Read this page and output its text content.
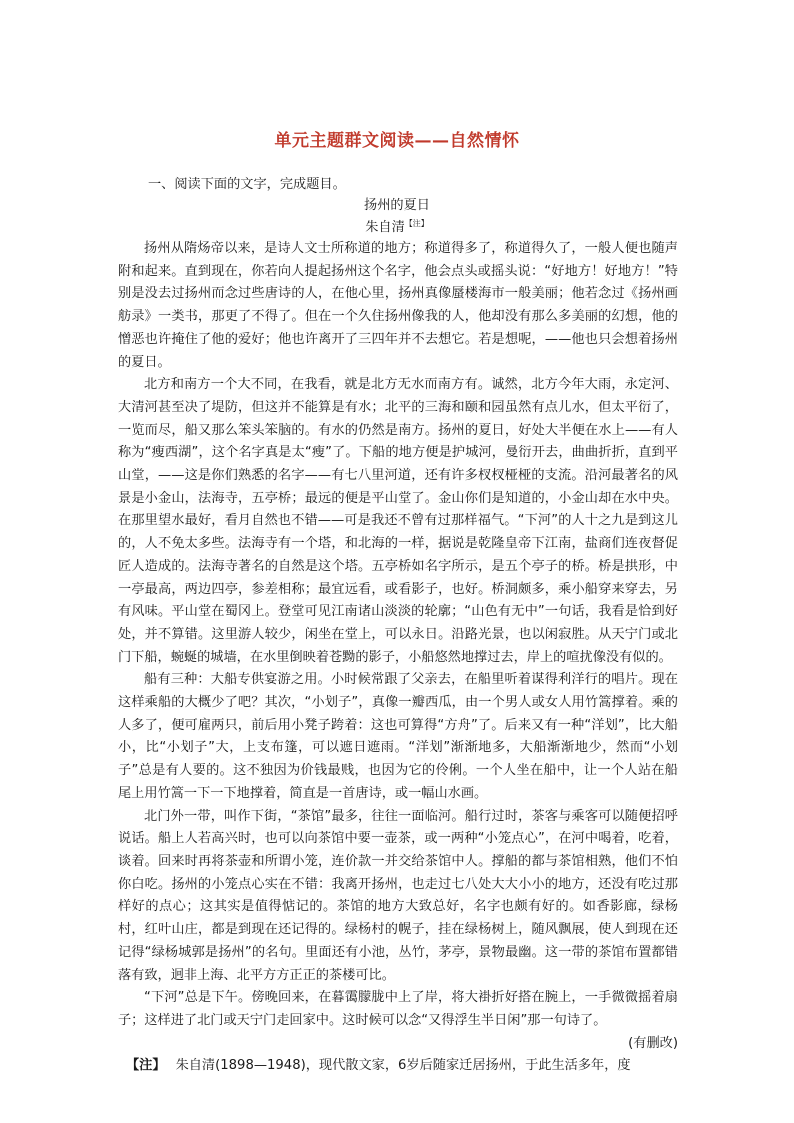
单元主题群文阅读——自然情怀
一、阅读下面的文字，完成题目。
扬州的夏日
朱自清$^{【注】}$

扬州从隋炀帝以来，是诗人文士所称道的地方；称道得多了，称道得久了，一般人便也随声附和起来。直到现在，你若向人提起扬州这个名字，他会点头或摇头说：“好地方！好地方！”特别是没去过扬州而念过些唐诗的人，在他心里，扬州真像蜃楼海市一般美丽；他若念过《扬州画舫录》一类书，那更了不得了。但在一个久住扬州像我的人，他却没有那么多美丽的幻想，他的憎恶也许掩住了他的爱好；他也许离开了三四年并不去想它。若是想呢，——他也只会想着扬州的夏日。

北方和南方一个大不同，在我看，就是北方无水而南方有。诚然，北方今年大雨，永定河、大清河甚至决了堤防，但这并不能算是有水；北平的三海和颐和园虽然有点儿水，但太平衍了，一览而尽，船又那么笨头笨脑的。有水的仍然是南方。扬州的夏日，好处大半便在水上——有人称为“瘦西湖”，这个名字真是太“瘦”了。下船的地方便是护城河，曼衍开去，曲曲折折，直到平山堂，——这是你们熟悉的名字——有七八里河道，还有许多杈杈桠桠的支流。沿河最著名的风景是小金山，法海寺，五亭桥；最远的便是平山堂了。金山你们是知道的，小金山却在水中央。在那里望水最好，看月自然也不错——可是我还不曾有过那样福气。“下河”的人十之九是到这儿的，人不免太多些。法海寺有一个塔，和北海的一样，据说是乾隆皇帝下江南，盐商们连夜督促匠人造成的。法海寺著名的自然是这个塔。五亭桥如名字所示，是五个亭子的桥。桥是拱形，中一亭最高，两边四亭，参差相称；最宜远看，或看影子，也好。桥洞颇多，乘小船穿来穿去，另有风味。平山堂在蜀冈上。登堂可见江南诸山淡淡的轮廓；“山色有无中”一句话，我看是恰到好处，并不算错。这里游人较少，闲坐在堂上，可以永日。沿路光景，也以闲寂胜。从天宁门或北门下船，蜿蜒的城墙，在水里倒映着苍黝的影子，小船悠然地撑过去，岸上的喧扰像没有似的。

船有三种：大船专供宴游之用。小时候常跟了父亲去，在船里听着谋得利洋行的唱片。现在这样乘船的大概少了吧？其次，“小划子”，真像一瓣西瓜，由一个男人或女人用竹篙撑着。乘的人多了，便可雇两只，前后用小凳子跨着：这也可算得“方舟”了。后来又有一种“洋划”，比大船小，比“小划子”大，上支布篷，可以遮日遮雨。“洋划”渐渐地多，大船渐渐地少，然而“小划子”总是有人要的。这不独因为价钱最贱，也因为它的伶俐。一个人坐在船中，让一个人站在船尾上用竹篙一下一下地撑着，简直是一首唐诗，或一幅山水画。

北门外一带，叫作下街，“茶馆”最多，往往一面临河。船行过时，茶客与乘客可以随便招呼说话。船上人若高兴时，也可以向茶馆中要一壶茶，或一两种“小笼点心”，在河中喝着，吃着，谈着。回来时再将茶壶和所谓小笼，连价款一并交给茶馆中人。撑船的都与茶馆相熟，他们不怕你白吃。扬州的小笼点心实在不错：我离开扬州，也走过七八处大大小小的地方，还没有吃过那样好的点心；这其实是值得惦记的。茶馆的地方大致总好，名字也颇有好的。如香影廊，绿杨村，红叶山庄，都是到现在还记得的。绿杨村的幌子，挂在绿杨树上，随风飘展，使人到现在还记得“绿杨城郭是扬州”的名句。里面还有小池，丛竹，茅亭，景物最幽。这一带的茶馆布置都错落有致，迥非上海、北平方方正正的茶楼可比。

“下河”总是下午。傍晚回来，在暮霭朦胧中上了岸，将大褂折好搭在腕上，一手微微摇着扇子；这样进了北门或天宁门走回家中。这时候可以念“又得浮生半日闲”那一句诗了。

(有删改)

【注】 朱自清(1898—1948)，现代散文家，6岁后随家迁居扬州，于此生活多年，度
